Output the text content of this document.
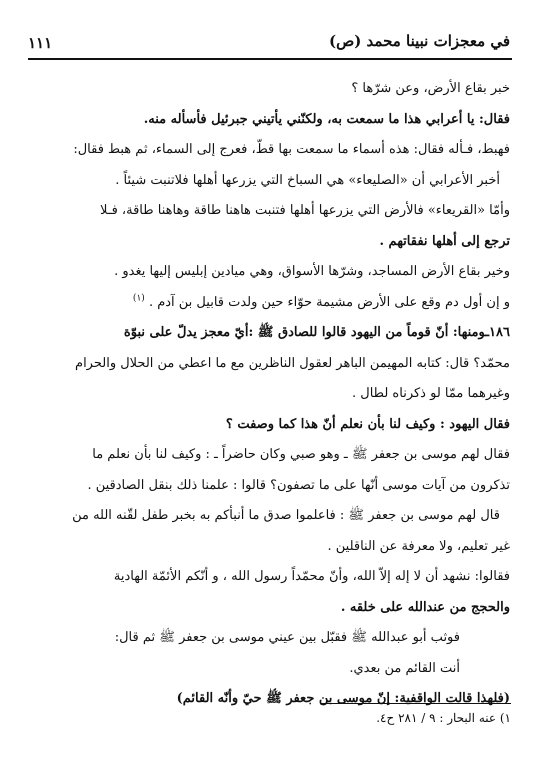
١١١	في معجزات نبينا محمد (ص)
خبر بقاع الأرض، وعن شرّها ؟
فقال: يا أعرابي هذا ما سمعت به، ولكنّني يأتيني جبرئيل فأسأله منه.
فهبط، فـأله فقال: هذه أسماء ما سمعت بها قطّ، فعرج إلى السماء، ثم هبط فقال:
أخبر الأعرابي أن «الصليعاء» هي السباخ التي يزرعها أهلها فلاتنبت شيئاً .
وأمّا «القريعاء» فالأرض التي يزرعها أهلها فتنبت هاهنا طاقة وهاهنا طاقة، فـلا
ترجع إلى أهلها نفقاتهم .
وخير بقاع الأرض المساجد، وشرّها الأسواق، وهي ميادين إبليس إليها يغدو .
و إن أول دم وقع على الأرض مشيمة حوّاء حين ولدت قابيل بن آدم . $^{(١)}$
١٨٦ـومنها: أنّ قوماً من اليهود قالوا للصادق ﷺ :أيّ معجز يدلّ على نبوّة
محمّد؟ قال: كتابه المهيمن الباهر لعقول الناظرين مع ما اعطي من الحلال والحرام
وغيرهما ممّا لو ذكرناه لطال .
فقال اليهود : وكيف لنا بأن نعلم أنّ هذا كما وصفت ؟
فقال لهم موسى بن جعفر ﷺ ـ وهو صبي وكان حاضراً ـ : وكيف لنا بأن نعلم ما
تذكرون من آيات موسى أنّها على ما تصفون؟ قالوا : علمنا ذلك بنقل الصادقين .
قال لهم موسى بن جعفر ﷺ : فاعلموا صدق ما أنبأكم به بخبر طفل لقّنه الله من
غير تعليم، ولا معرفة عن الناقلين .
فقالوا: نشهد أن لا إله إلاّ الله، وأنّ محمّداً رسول الله ، و أنّكم الأئمّة الهادية
والحجج من عندالله على خلقه .
فوثب أبو عبدالله ﷺ فقبّل بين عيني موسى بن جعفر ﷺ ثم قال:
أنت القائم من بعدي.
(فلهذا قالت الواقفية: إنّ موسى بن جعفر ﷺ حيّ وأنّه القائم)
١) عنه البحار : ٩ / ٢٨١ ح٤.
